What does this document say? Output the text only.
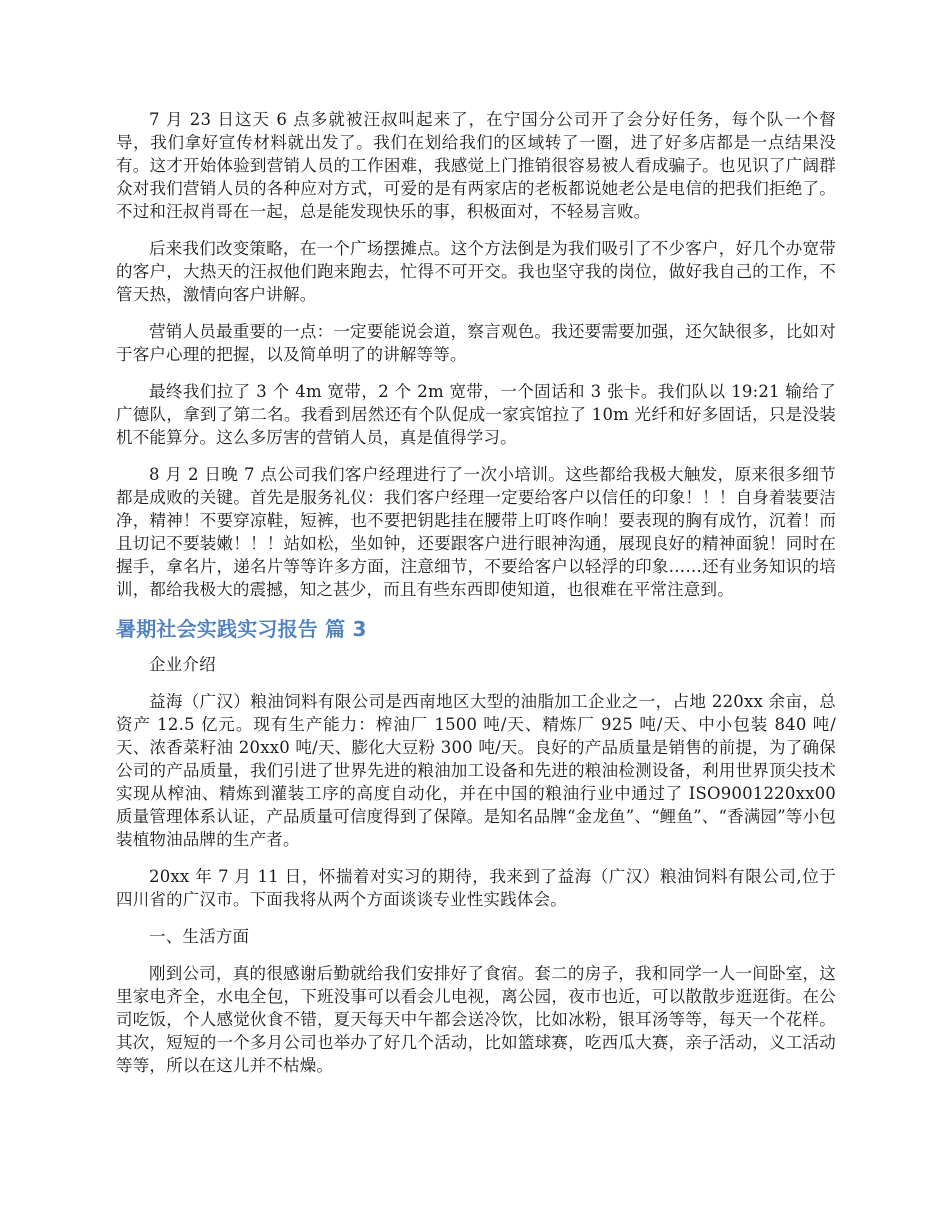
7 月 23 日这天 6 点多就被汪叔叫起来了，在宁国分公司开了会分好任务，每个队一个督导，我们拿好宣传材料就出发了。我们在划给我们的区域转了一圈，进了好多店都是一点结果没有。这才开始体验到营销人员的工作困难，我感觉上门推销很容易被人看成骗子。也见识了广阔群众对我们营销人员的各种应对方式，可爱的是有两家店的老板都说她老公是电信的把我们拒绝了。不过和汪叔肖哥在一起，总是能发现快乐的事，积极面对，不轻易言败。

后来我们改变策略，在一个广场摆摊点。这个方法倒是为我们吸引了不少客户，好几个办宽带的客户，大热天的汪叔他们跑来跑去，忙得不可开交。我也坚守我的岗位，做好我自己的工作，不管天热，激情向客户讲解。

营销人员最重要的一点：一定要能说会道，察言观色。我还要需要加强，还欠缺很多，比如对于客户心理的把握，以及简单明了的讲解等等。

最终我们拉了 3 个 4m 宽带，2 个 2m 宽带，一个固话和 3 张卡。我们队以 19:21 输给了广德队，拿到了第二名。我看到居然还有个队促成一家宾馆拉了 10m 光纤和好多固话，只是没装机不能算分。这么多厉害的营销人员，真是值得学习。

8 月 2 日晚 7 点公司我们客户经理进行了一次小培训。这些都给我极大触发，原来很多细节都是成败的关键。首先是服务礼仪：我们客户经理一定要给客户以信任的印象！！！自身着装要洁净，精神！不要穿凉鞋，短裤，也不要把钥匙挂在腰带上叮咚作响！要表现的胸有成竹，沉着！而且切记不要装嫩！！！站如松，坐如钟，还要跟客户进行眼神沟通，展现良好的精神面貌！同时在握手，拿名片，递名片等等许多方面，注意细节，不要给客户以轻浮的印象……还有业务知识的培训，都给我极大的震撼，知之甚少，而且有些东西即使知道，也很难在平常注意到。

暑期社会实践实习报告 篇 3

企业介绍

益海（广汉）粮油饲料有限公司是西南地区大型的油脂加工企业之一，占地 220xx 余亩，总资产 12.5 亿元。现有生产能力：榨油厂 1500 吨/天、精炼厂 925 吨/天、中小包装 840 吨/天、浓香菜籽油 20xx0 吨/天、膨化大豆粉 300 吨/天。良好的产品质量是销售的前提，为了确保公司的产品质量，我们引进了世界先进的粮油加工设备和先进的粮油检测设备，利用世界顶尖技术实现从榨油、精炼到灌装工序的高度自动化，并在中国的粮油行业中通过了 ISO9001220xx00 质量管理体系认证，产品质量可信度得到了保障。是知名品牌“金龙鱼”、“鲤鱼”、“香满园”等小包装植物油品牌的生产者。

20xx 年 7 月 11 日，怀揣着对实习的期待，我来到了益海（广汉）粮油饲料有限公司,位于四川省的广汉市。下面我将从两个方面谈谈专业性实践体会。

一、生活方面

刚到公司，真的很感谢后勤就给我们安排好了食宿。套二的房子，我和同学一人一间卧室，这里家电齐全，水电全包，下班没事可以看会儿电视，离公园，夜市也近，可以散散步逛逛街。在公司吃饭，个人感觉伙食不错，夏天每天中午都会送冷饮，比如冰粉，银耳汤等等，每天一个花样。其次，短短的一个多月公司也举办了好几个活动，比如篮球赛，吃西瓜大赛，亲子活动，义工活动等等，所以在这儿并不枯燥。
